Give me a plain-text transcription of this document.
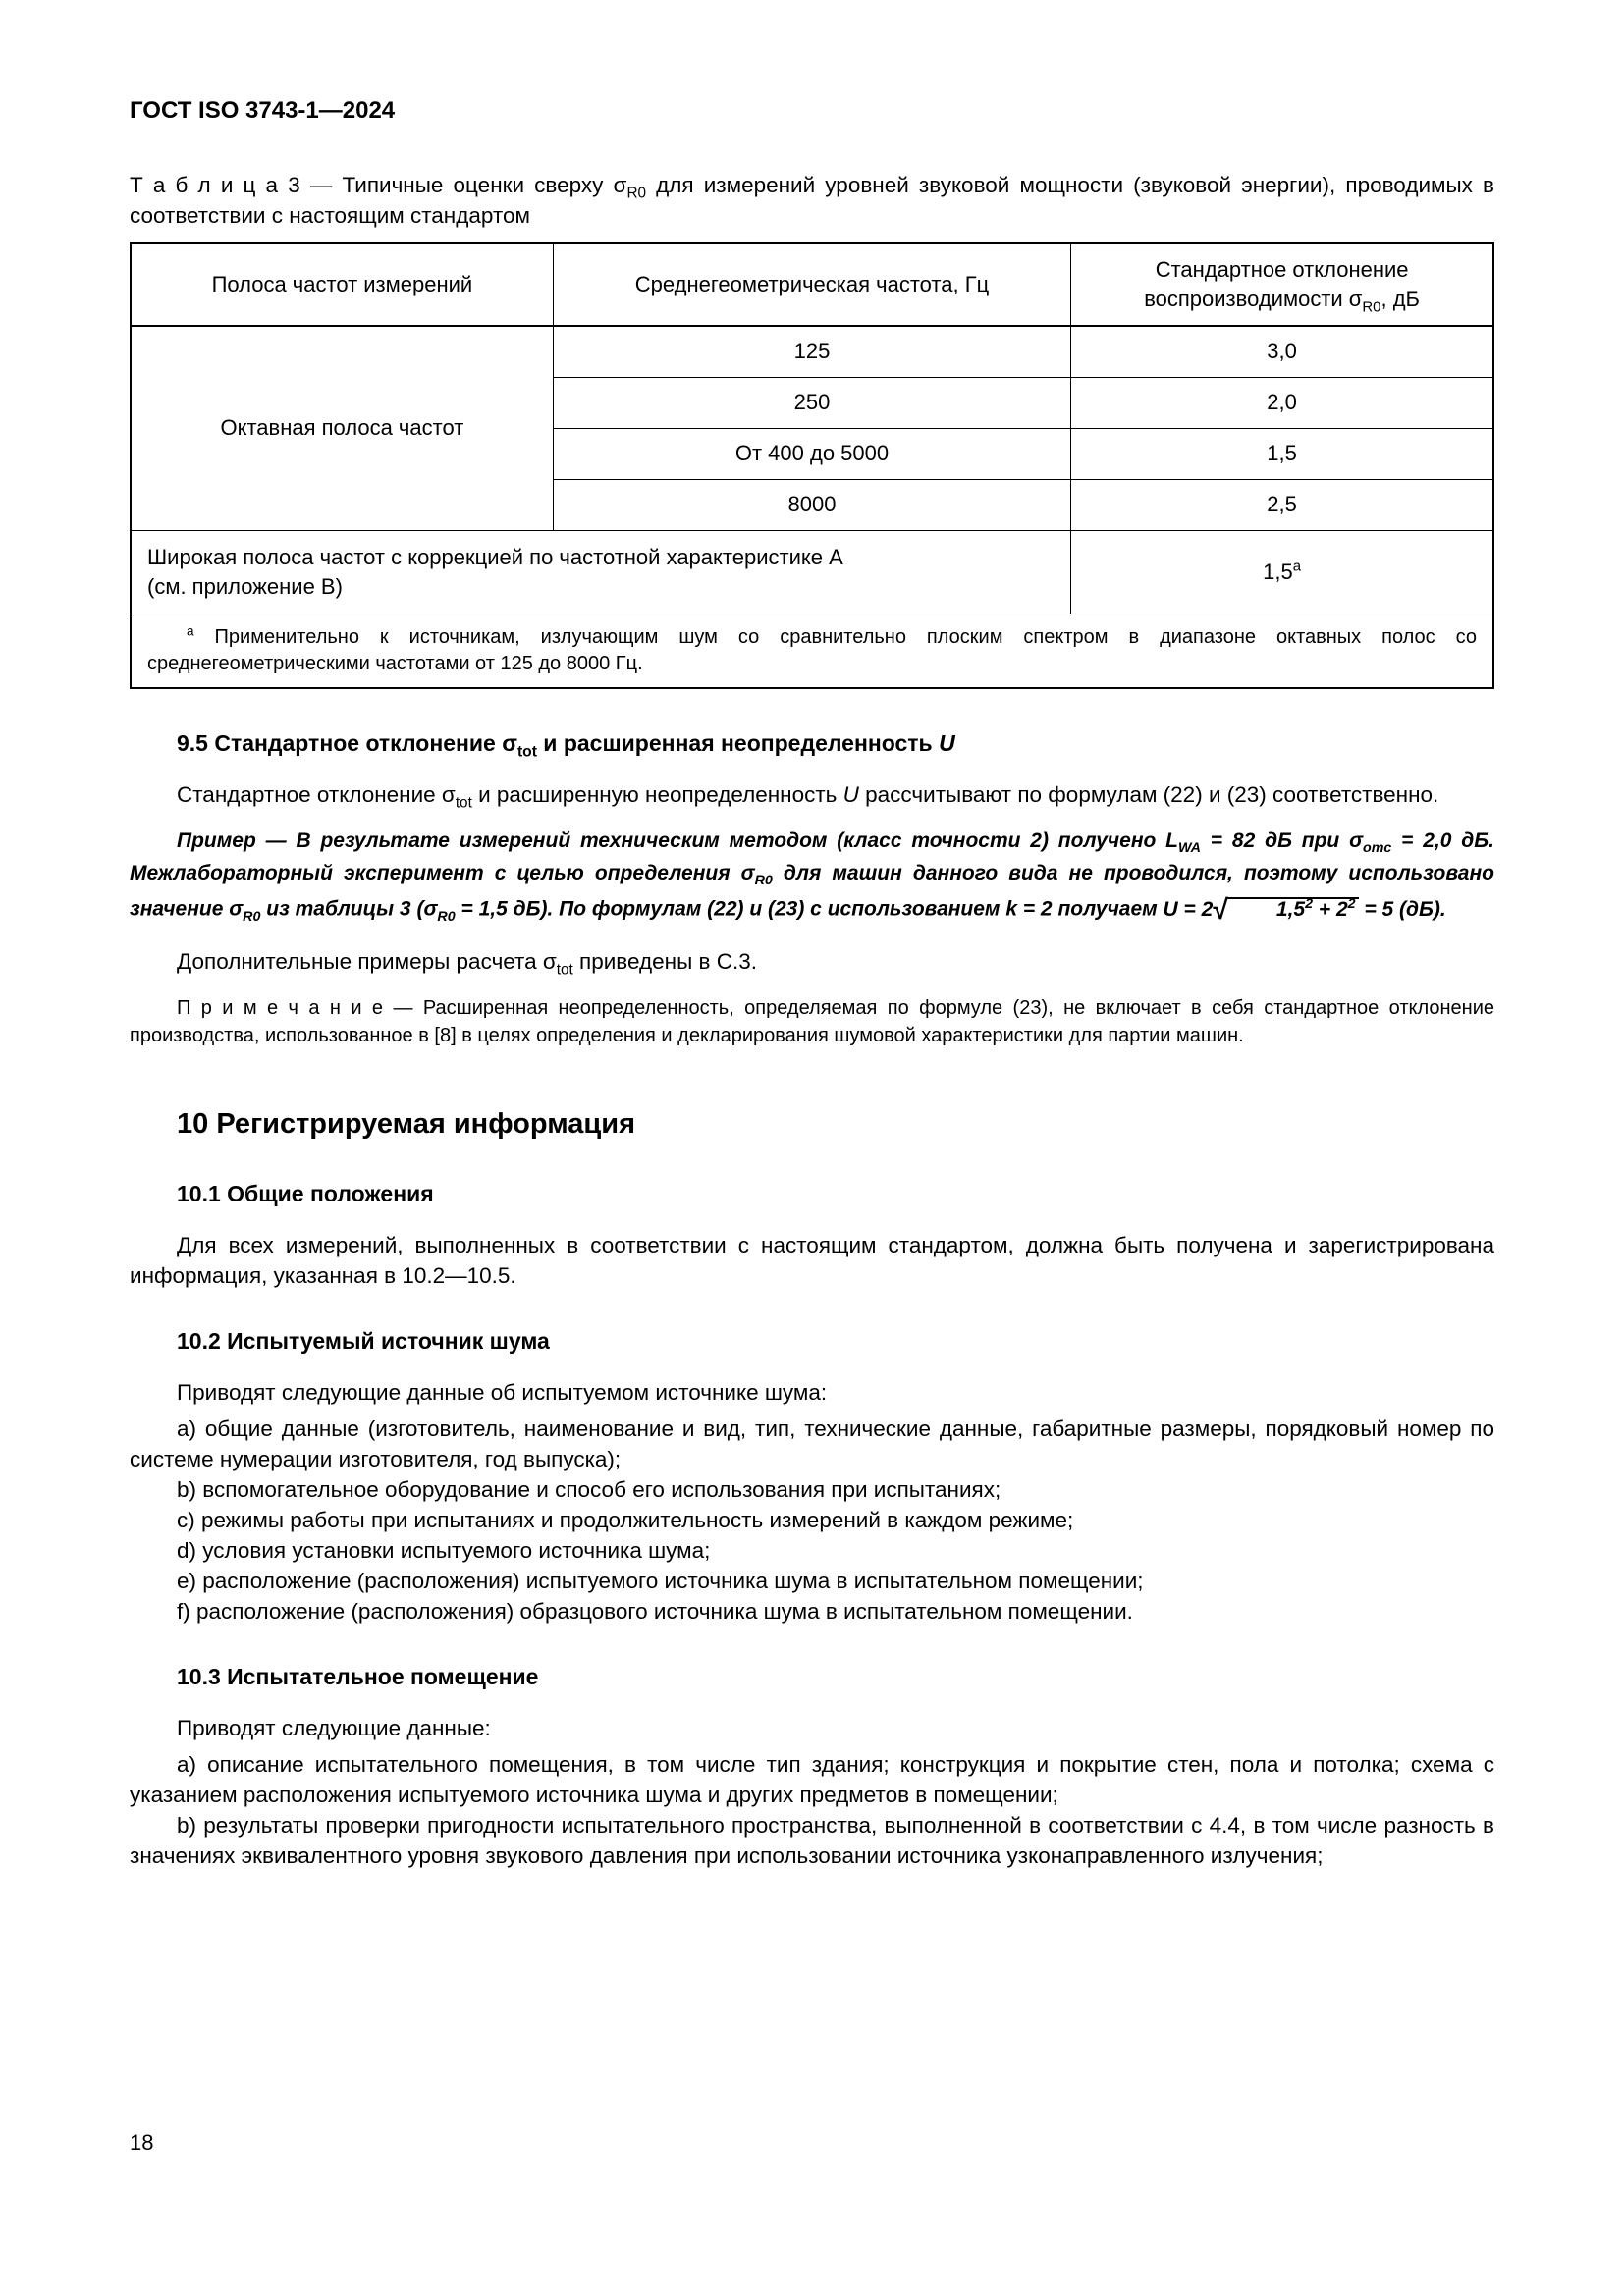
ГОСТ ISO 3743-1—2024

Т а б л и ц а 3 — Типичные оценки сверху $\sigma_{R0}$ для измерений уровней звуковой мощности (звуковой энергии), проводимых в соответствии с настоящим стандартом

Полоса частот измерений	Среднегеометрическая частота, Гц	Стандартное отклонение воспроизводимости $\sigma_{R0}$, дБ
Октавная полоса частот	125	3,0
	250	2,0
	От 400 до 5000	1,5
	8000	2,5

Широкая полоса частот с коррекцией по частотной характеристике A
(см. приложение B)		1,5$^a$
$^a$ Применительно к источникам, излучающим шум со сравнительно плоским спектром в диапазоне октавных полос со среднегеометрическими частотами от 125 до 8000 Гц.		
9.5 Стандартное отклонение $\sigma_{tot}$ и расширенная неопределенность U

Стандартное отклонение $\sigma_{tot}$ и расширенную неопределенность U рассчитывают по формулам (22) и (23) соответственно.

Пример — В результате измерений техническим методом (класс точности 2) получено $L_{WA} = 82$ дБ при $\sigma_{omc} = 2,0$ дБ. Межлабораторный эксперимент с целью определения $\sigma_{R0}$ для машин данного вида не проводился, поэтому использовано значение $\sigma_{R0}$ из таблицы 3 ($\sigma_{R0} = 1,5$ дБ). По формулам (22) и (23) с использованием k = 2 получаем U = 2√ $1,5^2 + 2^2 = 5$ (дБ).

Дополнительные примеры расчета $\sigma_{tot}$ приведены в C.3.

П р и м е ч а н и е — Расширенная неопределенность, определяемая по формуле (23), не включает в себя стандартное отклонение производства, использованное в [8] в целях определения и декларирования шумовой характеристики для партии машин.

10 Регистрируемая информация
10.1 Общие положения

Для всех измерений, выполненных в соответствии с настоящим стандартом, должна быть получена и зарегистрирована информация, указанная в 10.2—10.5.

10.2 Испытуемый источник шума

Приводят следующие данные об испытуемом источнике шума:

a) общие данные (изготовитель, наименование и вид, тип, технические данные, габаритные размеры, порядковый номер по системе нумерации изготовителя, год выпуска);

b) вспомогательное оборудование и способ его использования при испытаниях;

c) режимы работы при испытаниях и продолжительность измерений в каждом режиме;

d) условия установки испытуемого источника шума;

e) расположение (расположения) испытуемого источника шума в испытательном помещении;

f) расположение (расположения) образцового источника шума в испытательном помещении.

10.3 Испытательное помещение

Приводят следующие данные:

a) описание испытательного помещения, в том числе тип здания; конструкция и покрытие стен, пола и потолка; схема с указанием расположения испытуемого источника шума и других предметов в помещении;

b) результаты проверки пригодности испытательного пространства, выполненной в соответствии с 4.4, в том числе разность в значениях эквивалентного уровня звукового давления при использовании источника узконаправленного излучения;

18
